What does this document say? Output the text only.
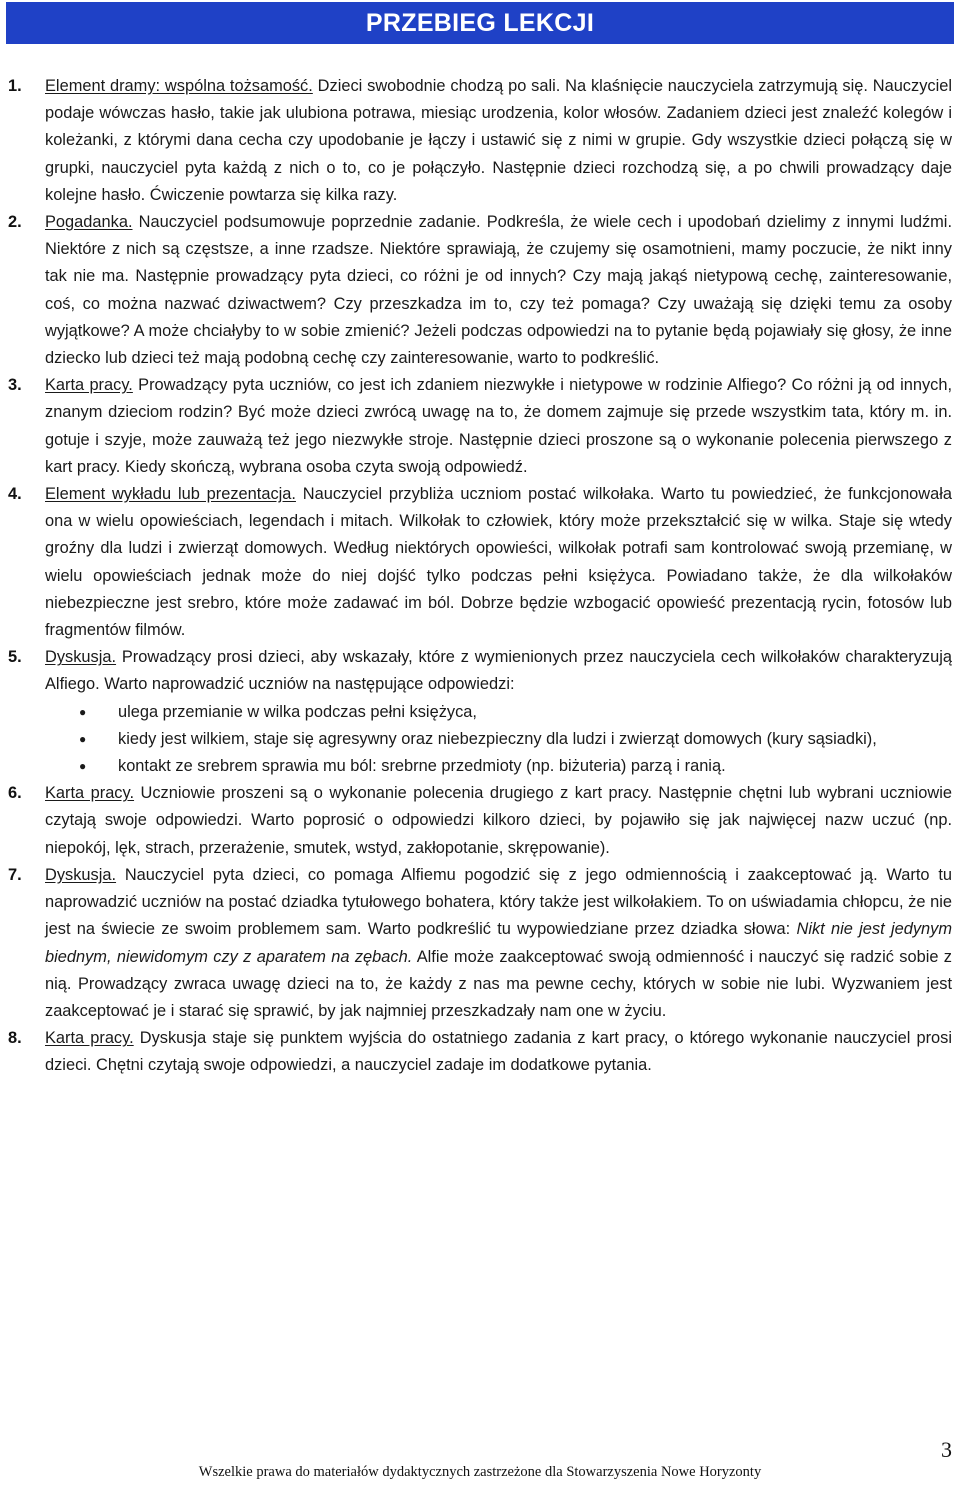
PRZEBIEG LEKCJI
1.	Element dramy: wspólna tożsamość. Dzieci swobodnie chodzą po sali. Na klaśnięcie nauczyciela zatrzymują się. Nauczyciel podaje wówczas hasło, takie jak ulubiona potrawa, miesiąc urodzenia, kolor włosów. Zadaniem dzieci jest znaleźć kolegów i koleżanki, z którymi dana cecha czy upodobanie je łączy i ustawić się z nimi w grupie. Gdy wszystkie dzieci połączą się w grupki, nauczyciel pyta każdą z nich o to, co je połączyło. Następnie dzieci rozchodzą się, a po chwili prowadzący daje kolejne hasło. Ćwiczenie powtarza się kilka razy.
2.	Pogadanka. Nauczyciel podsumowuje poprzednie zadanie. Podkreśla, że wiele cech i upodobań dzielimy z innymi ludźmi. Niektóre z nich są częstsze, a inne rzadsze. Niektóre sprawiają, że czujemy się osamotnieni, mamy poczucie, że nikt inny tak nie ma. Następnie prowadzący pyta dzieci, co różni je od innych? Czy mają jakąś nietypową cechę, zainteresowanie, coś, co można nazwać dziwactwem? Czy przeszkadza im to, czy też pomaga? Czy uważają się dzięki temu za osoby wyjątkowe? A może chciałyby to w sobie zmienić? Jeżeli podczas odpowiedzi na to pytanie będą pojawiały się głosy, że inne dziecko lub dzieci też mają podobną cechę czy zainteresowanie, warto to podkreślić.
3.	Karta pracy. Prowadzący pyta uczniów, co jest ich zdaniem niezwykłe i nietypowe w rodzinie Alfiego? Co różni ją od innych, znanym dzieciom rodzin? Być może dzieci zwrócą uwagę na to, że domem zajmuje się przede wszystkim tata, który m. in. gotuje i szyje, może zauważą też jego niezwykłe stroje. Następnie dzieci proszone są o wykonanie polecenia pierwszego z kart pracy. Kiedy skończą, wybrana osoba czyta swoją odpowiedź.
4.	Element wykładu lub prezentacja. Nauczyciel przybliża uczniom postać wilkołaka. Warto tu powiedzieć, że funkcjonowała ona w wielu opowieściach, legendach i mitach. Wilkołak to człowiek, który może przekształcić się w wilka. Staje się wtedy groźny dla ludzi i zwierząt domowych. Według niektórych opowieści, wilkołak potrafi sam kontrolować swoją przemianę, w wielu opowieściach jednak może do niej dojść tylko podczas pełni księżyca. Powiadano także, że dla wilkołaków niebezpieczne jest srebro, które może zadawać im ból. Dobrze będzie wzbogacić opowieść prezentacją rycin, fotosów lub fragmentów filmów.
5.	Dyskusja. Prowadzący prosi dzieci, aby wskazały, które z wymienionych przez nauczyciela cech wilkołaków charakteryzują Alfiego. Warto naprowadzić uczniów na następujące odpowiedzi:
● ulega przemianie w wilka podczas pełni księżyca,
● kiedy jest wilkiem, staje się agresywny oraz niebezpieczny dla ludzi i zwierząt domowych (kury sąsiadki),
● kontakt ze srebrem sprawia mu ból: srebrne przedmioty (np. biżuteria) parzą i ranią.
6.	Karta pracy. Uczniowie proszeni są o wykonanie polecenia drugiego z kart pracy. Następnie chętni lub wybrani uczniowie czytają swoje odpowiedzi. Warto poprosić o odpowiedzi kilkoro dzieci, by pojawiło się jak najwięcej nazw uczuć (np. niepokój, lęk, strach, przerażenie, smutek, wstyd, zakłopotanie, skrępowanie).
7.	Dyskusja. Nauczyciel pyta dzieci, co pomaga Alfiemu pogodzić się z jego odmiennością i zaakceptować ją. Warto tu naprowadzić uczniów na postać dziadka tytułowego bohatera, który także jest wilkołakiem. To on uświadamia chłopcu, że nie jest na świecie ze swoim problemem sam. Warto podkreślić tu wypowiedziane przez dziadka słowa: Nikt nie jest jedynym biednym, niewidomym czy z aparatem na zębach. Alfie może zaakceptować swoją odmienność i nauczyć się radzić sobie z nią. Prowadzący zwraca uwagę dzieci na to, że każdy z nas ma pewne cechy, których w sobie nie lubi. Wyzwaniem jest zaakceptować je i starać się sprawić, by jak najmniej przeszkadzały nam one w życiu.
8.	Karta pracy. Dyskusja staje się punktem wyjścia do ostatniego zadania z kart pracy, o którego wykonanie nauczyciel prosi dzieci. Chętni czytają swoje odpowiedzi, a nauczyciel zadaje im dodatkowe pytania.
3
Wszelkie prawa do materiałów dydaktycznych zastrzeżone dla Stowarzyszenia Nowe Horyzonty
